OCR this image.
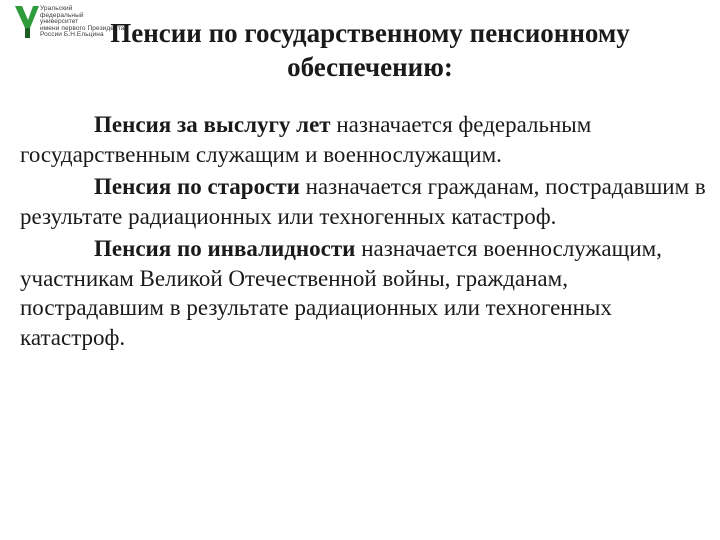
Уральский
федеральный
университет
имени первого Президента
России Б.Н.Ельцина Пенсии по государственному пенсионному
обеспечению:

Пенсия за выслугу лет назначается федеральным государственным служащим и военнослужащим.

Пенсия по старости назначается гражданам, пострадавшим в результате радиационных или техногенных катастроф.

Пенсия по инвалидности назначается военнослужащим, участникам Великой Отечественной войны, гражданам, пострадавшим в результате радиационных или техногенных катастроф.
